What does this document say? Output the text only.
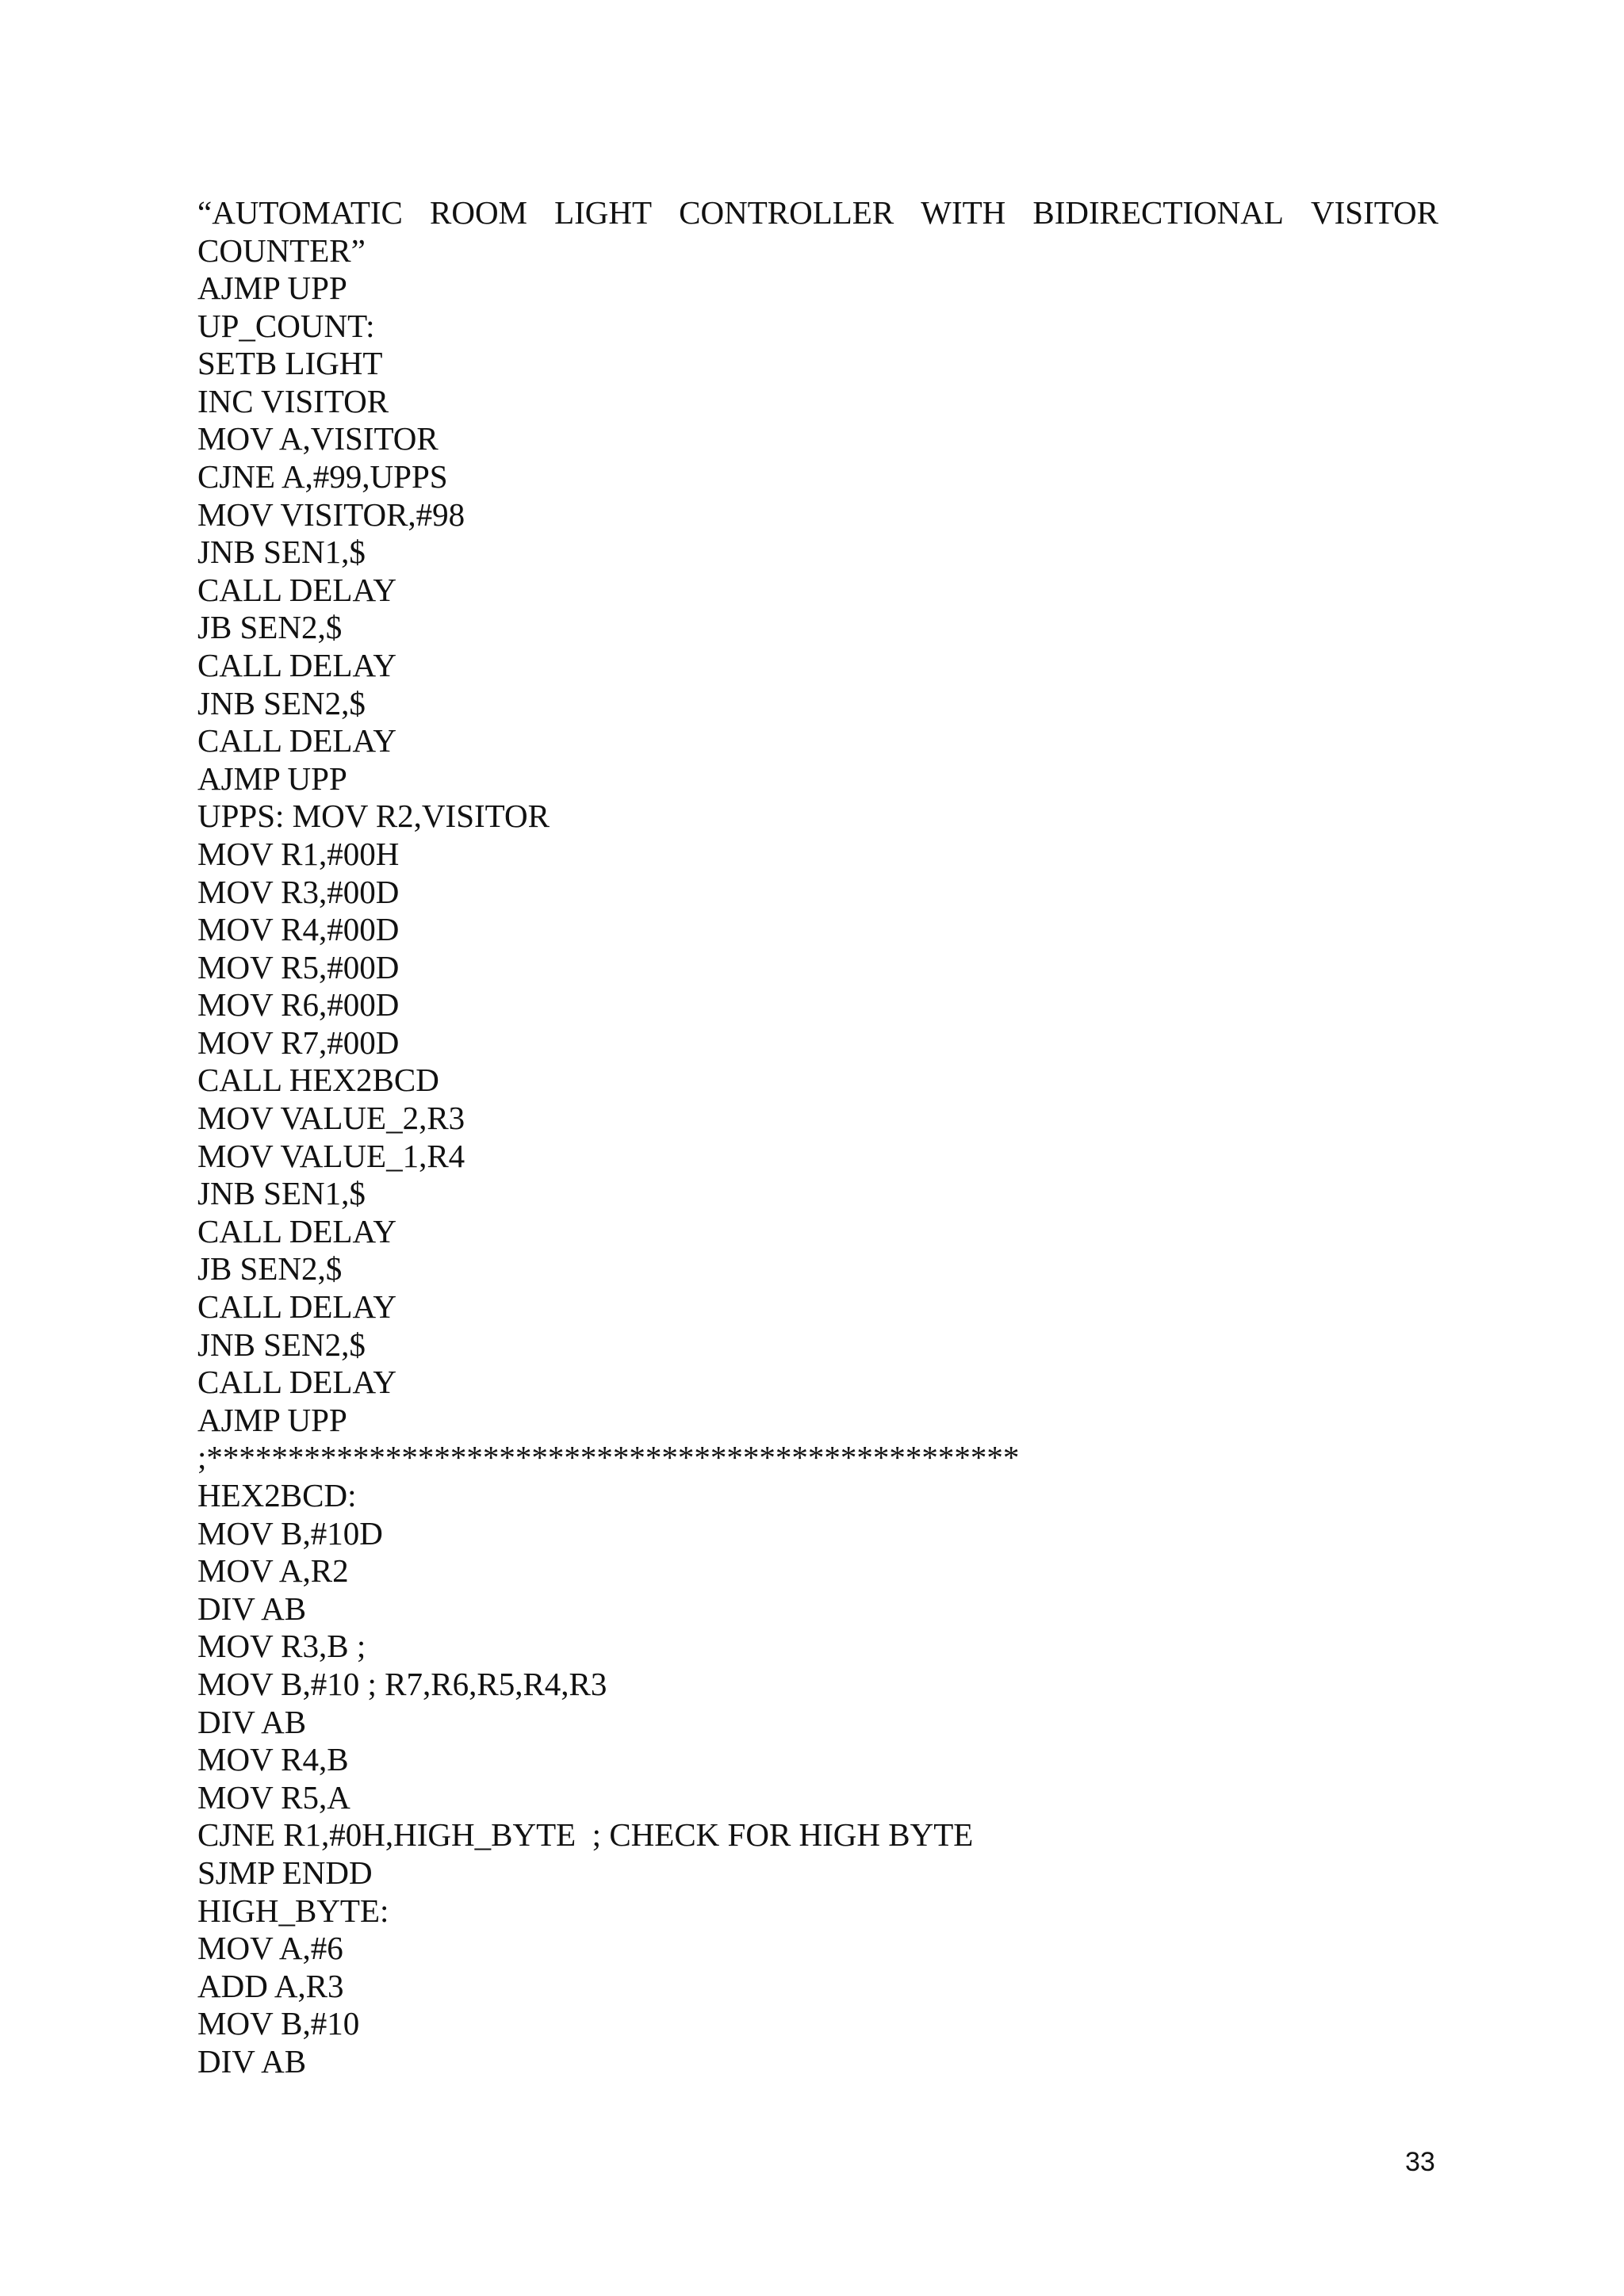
“AUTOMATIC ROOM LIGHT CONTROLLER WITH BIDIRECTIONAL VISITOR
COUNTER”
AJMP UPP
UP_COUNT:
SETB LIGHT
INC VISITOR
MOV A,VISITOR
CJNE A,#99,UPPS
MOV VISITOR,#98
JNB SEN1,$
CALL DELAY
JB SEN2,$
CALL DELAY
JNB SEN2,$
CALL DELAY
AJMP UPP
UPPS: MOV R2,VISITOR
MOV R1,#00H
MOV R3,#00D
MOV R4,#00D
MOV R5,#00D
MOV R6,#00D
MOV R7,#00D
CALL HEX2BCD
MOV VALUE_2,R3
MOV VALUE_1,R4
JNB SEN1,$
CALL DELAY
JB SEN2,$
CALL DELAY
JNB SEN2,$
CALL DELAY
AJMP UPP
;**************************************************
HEX2BCD:
MOV B,#10D
MOV A,R2
DIV AB
MOV R3,B ;
MOV B,#10 ; R7,R6,R5,R4,R3
DIV AB
MOV R4,B
MOV R5,A
CJNE R1,#0H,HIGH_BYTE  ; CHECK FOR HIGH BYTE
SJMP ENDD
HIGH_BYTE:
MOV A,#6
ADD A,R3
MOV B,#10
DIV AB
33
